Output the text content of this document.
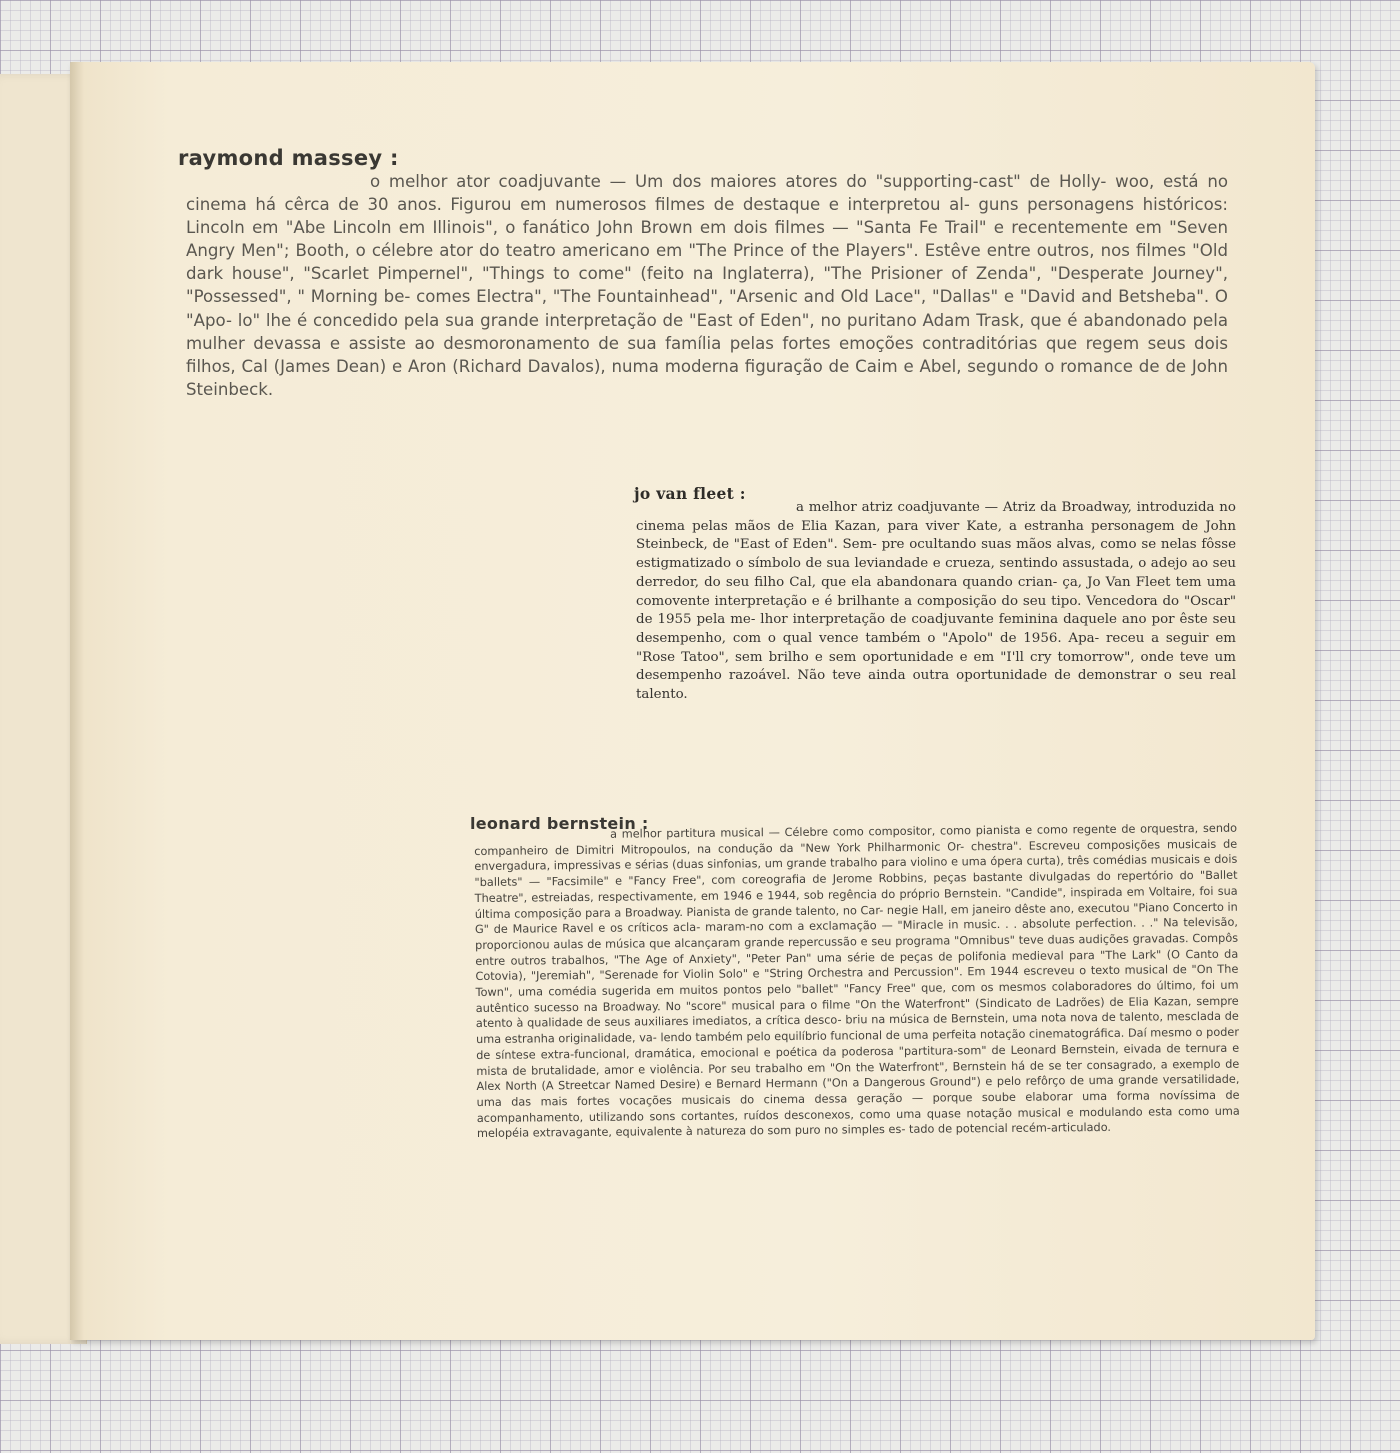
raymond massey :

o melhor ator coadjuvante — Um dos maiores atores do "supporting-cast" de Holly- woo, está no cinema há cêrca de 30 anos. Figurou em numerosos filmes de destaque e interpretou al- guns personagens históricos: Lincoln em "Abe Lincoln em Illinois", o fanático John Brown em dois filmes — "Santa Fe Trail" e recentemente em "Seven Angry Men"; Booth, o célebre ator do teatro americano em "The Prince of the Players". Estêve entre outros, nos filmes "Old dark house", "Scarlet Pimpernel", "Things to come" (feito na Inglaterra), "The Prisioner of Zenda", "Desperate Journey", "Possessed", " Morning be- comes Electra", "The Fountainhead", "Arsenic and Old Lace", "Dallas" e "David and Betsheba". O "Apo- lo" lhe é concedido pela sua grande interpretação de "East of Eden", no puritano Adam Trask, que é abandonado pela mulher devassa e assiste ao desmoronamento de sua família pelas fortes emoções contraditórias que regem seus dois filhos, Cal (James Dean) e Aron (Richard Davalos), numa moderna figuração de Caim e Abel, segundo o romance de de John Steinbeck.

jo van fleet :

a melhor atriz coadjuvante — Atriz da Broadway, introduzida no cinema pelas mãos de Elia Kazan, para viver Kate, a estranha personagem de John Steinbeck, de "East of Eden". Sem- pre ocultando suas mãos alvas, como se nelas fôsse estigmatizado o símbolo de sua leviandade e crueza, sentindo assustada, o adejo ao seu derredor, do seu filho Cal, que ela abandonara quando crian- ça, Jo Van Fleet tem uma comovente interpretação e é brilhante a composição do seu tipo. Vencedora do "Oscar" de 1955 pela me- lhor interpretação de coadjuvante feminina daquele ano por êste seu desempenho, com o qual vence também o "Apolo" de 1956. Apa- receu a seguir em "Rose Tatoo", sem brilho e sem oportunidade e em "I'll cry tomorrow", onde teve um desempenho razoável. Não teve ainda outra oportunidade de demonstrar o seu real talento.

leonard bernstein :

a melhor partitura musical — Célebre como compositor, como pianista e como regente de orquestra, sendo companheiro de Dimitri Mitropoulos, na condução da "New York Philharmonic Or- chestra". Escreveu composições musicais de envergadura, impressivas e sérias (duas sinfonias, um grande trabalho para violino e uma ópera curta), três comédias musicais e dois "ballets" — "Facsimile" e "Fancy Free", com coreografia de Jerome Robbins, peças bastante divulgadas do repertório do "Ballet Theatre", estreiadas, respectivamente, em 1946 e 1944, sob regência do próprio Bernstein. "Candide", inspirada em Voltaire, foi sua última composição para a Broadway. Pianista de grande talento, no Car- negie Hall, em janeiro dêste ano, executou "Piano Concerto in G" de Maurice Ravel e os críticos acla- maram-no com a exclamação — "Miracle in music. . . absolute perfection. . ." Na televisão, proporcionou aulas de música que alcançaram grande repercussão e seu programa "Omnibus" teve duas audições gravadas. Compôs entre outros trabalhos, "The Age of Anxiety", "Peter Pan" uma série de peças de polifonia medieval para "The Lark" (O Canto da Cotovia), "Jeremiah", "Serenade for Violin Solo" e "String Orchestra and Percussion". Em 1944 escreveu o texto musical de "On The Town", uma comédia sugerida em muitos pontos pelo "ballet" "Fancy Free" que, com os mesmos colaboradores do último, foi um autêntico sucesso na Broadway. No "score" musical para o filme "On the Waterfront" (Sindicato de Ladrões) de Elia Kazan, sempre atento à qualidade de seus auxiliares imediatos, a crítica desco- briu na música de Bernstein, uma nota nova de talento, mesclada de uma estranha originalidade, va- lendo também pelo equilíbrio funcional de uma perfeita notação cinematográfica. Daí mesmo o poder de síntese extra-funcional, dramática, emocional e poética da poderosa "partitura-som" de Leonard Bernstein, eivada de ternura e mista de brutalidade, amor e violência. Por seu trabalho em "On the Waterfront", Bernstein há de se ter consagrado, a exemplo de Alex North (A Streetcar Named Desire) e Bernard Hermann ("On a Dangerous Ground") e pelo refôrço de uma grande versatilidade, uma das mais fortes vocações musicais do cinema dessa geração — porque soube elaborar uma forma novíssima de acompanhamento, utilizando sons cortantes, ruídos desconexos, como uma quase notação musical e modulando esta como uma melopéia extravagante, equivalente à natureza do som puro no simples es- tado de potencial recém-articulado.
